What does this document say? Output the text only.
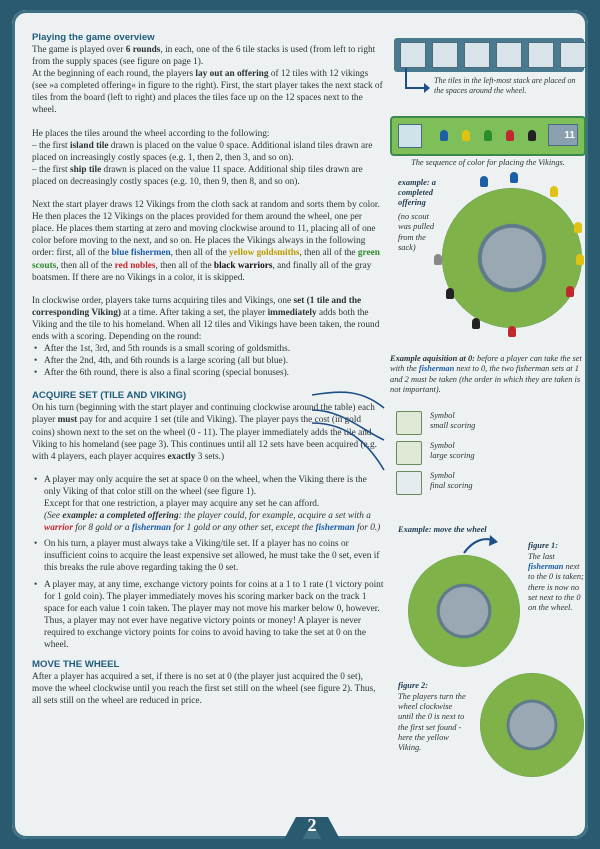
Playing the game overview

The game is played over 6 rounds, in each, one of the 6 tile stacks is used (from left to right from the supply spaces (see figure on page 1).
At the beginning of each round, the players lay out an offering of 12 tiles with 12 vikings (see »a completed offering« in figure to the right). First, the start player takes the next stack of tiles from the board (left to right) and places the tiles face up on the 12 spaces next to the wheel.

He places the tiles around the wheel according to the following:
– the first island tile drawn is placed on the value 0 space. Additional island tiles drawn are placed on increasingly costly spaces (e.g. 1, then 2, then 3, and so on).
– the first ship tile drawn is placed on the value 11 space. Additional ship tiles drawn are placed on decreasingly costly spaces (e.g. 10, then 9, then 8, and so on).

Next the start player draws 12 Vikings from the cloth sack at random and sorts them by color. He then places the 12 Vikings on the places provided for them around the wheel, one per place. He places them starting at zero and moving clockwise around to 11, placing all of one color before moving to the next, and so on. He places the Vikings always in the following order: first, all of the blue fishermen, then all of the yellow goldsmiths, then all of the green scouts, then all of the red nobles, then all of the black warriors, and finally all of the gray boatsmen. If there are no Vikings in a color, it is skipped.

In clockwise order, players take turns acquiring tiles and Vikings, one set (1 tile and the corresponding Viking) at a time. After taking a set, the player immediately adds both the Viking and the tile to his homeland. When all 12 tiles and Vikings have been taken, the round ends with a scoring. Depending on the round:

• After the 1st, 3rd, and 5th rounds is a small scoring of goldsmiths.
• After the 2nd, 4th, and 6th rounds is a large scoring (all but blue).
• After the 6th round, there is also a final scoring (special bonuses).
ACQUIRE SET (TILE AND VIKING)

On his turn (beginning with the start player and continuing clockwise around the table) each player must pay for and acquire 1 set (tile and Viking). The player pays the cost (in gold coins) shown next to the set on the wheel (0 - 11). The player immediately adds the tile and Viking to his homeland (see page 3). This continues until all 12 sets have been acquired (e.g. with 4 players, each player acquires exactly 3 sets.)

• A player may only acquire the set at space 0 on the wheel, when the Viking there is the only Viking of that color still on the wheel (see figure 1).
Except for that one restriction, a player may acquire any set he can afford.
(See example: a completed offering: the player could, for example, acquire a set with a warrior for 8 gold or a fisherman for 1 gold or any other set, except the fisherman for 0.)
• On his turn, a player must always take a Viking/tile set. If a player has no coins or insufficient coins to acquire the least expensive set allowed, he must take the 0 set, even if this breaks the rule above regarding taking the 0 set.
• A player may, at any time, exchange victory points for coins at a 1 to 1 rate (1 victory point for 1 gold coin). The player immediately moves his scoring marker back on the track 1 space for each value 1 coin taken. The player may not move his marker below 0, however. Thus, a player may not ever have negative victory points or money! A player is never required to exchange victory points for coins to avoid having to take the set at 0 on the wheel.
MOVE THE WHEEL

After a player has acquired a set, if there is no set at 0 (the player just acquired the 0 set), move the wheel clockwise until you reach the first set still on the wheel (see figure 2). Thus, all sets still on the wheel are reduced in price.

The tiles in the left-most stack are placed on the spaces around the wheel.
11
The sequence of color for placing the Vikings.
example: a completed offering
(no scout was pulled from the sack)
Example aquisition at 0: before a player can take the set with the fisherman next to 0, the two fisherman sets at 1 and 2 must be taken (the order in which they are taken is not important).
Symbol
small scoring
Symbol
large scoring
Symbol
final scoring
Example: move the wheel
figure 1:
The last fisherman next to the 0 is taken; there is now no set next to the 0 on the wheel.
figure 2:
The players turn the wheel clockwise until the 0 is next to the first set found - here the yellow Viking.
2
